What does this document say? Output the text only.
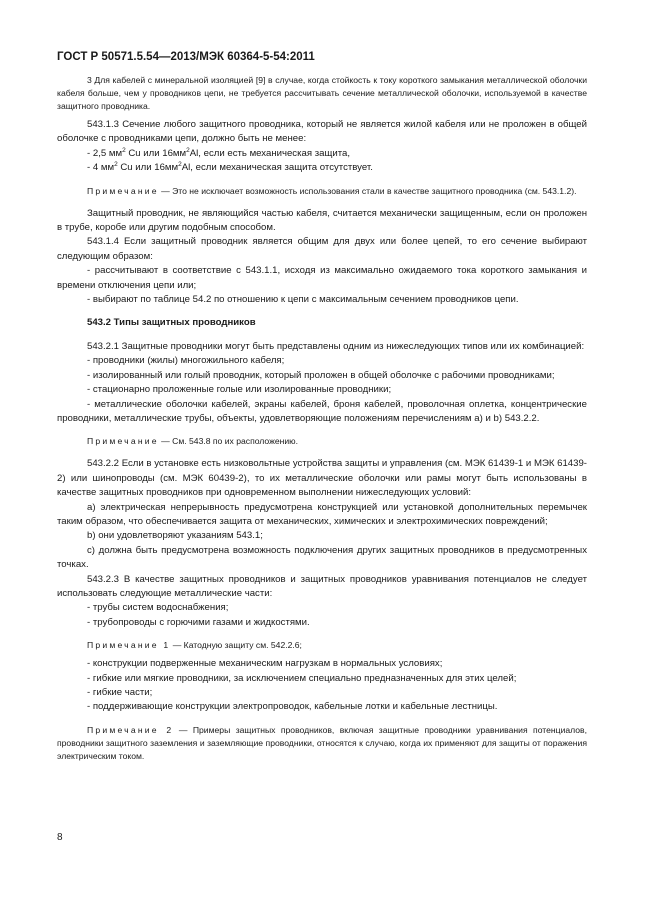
ГОСТ Р 50571.5.54—2013/МЭК 60364-5-54:2011

3 Для кабелей с минеральной изоляцией [9] в случае, когда стойкость к току короткого замыкания металлической оболочки кабеля больше, чем у проводников цепи, не требуется рассчитывать сечение металлической оболочки, используемой в качестве защитного проводника.

543.1.3 Сечение любого защитного проводника, который не является жилой кабеля или не проложен в общей оболочке с проводниками цепи, должно быть не менее:

- 2,5 $мм^2$ Cu или $16мм^2Al$, если есть механическая защита,

- 4 $мм^2$ Cu или $16мм^2Al$, если механическая защита отсутствует.

Примечание — Это не исключает возможность использования стали в качестве защитного проводника (см. 543.1.2).

Защитный проводник, не являющийся частью кабеля, считается механически защищенным, если он проложен в трубе, коробе или другим подобным способом.

543.1.4 Если защитный проводник является общим для двух или более цепей, то его сечение выбирают следующим образом:

- рассчитывают в соответствие с 543.1.1, исходя из максимально ожидаемого тока короткого замыкания и времени отключения цепи или;

- выбирают по таблице 54.2 по отношению к цепи с максимальным сечением проводников цепи.

543.2 Типы защитных проводников

543.2.1 Защитные проводники могут быть представлены одним из нижеследующих типов или их комбинацией:

- проводники (жилы) многожильного кабеля;

- изолированный или голый проводник, который проложен в общей оболочке с рабочими проводниками;

- стационарно проложенные голые или изолированные проводники;

- металлические оболочки кабелей, экраны кабелей, броня кабелей, проволочная оплетка, концентрические проводники, металлические трубы, объекты, удовлетворяющие положениям перечислениям a) и b) 543.2.2.

Примечание — См. 543.8 по их расположению.

543.2.2 Если в установке есть низковольтные устройства защиты и управления (см. МЭК 61439-1 и МЭК 61439-2) или шинопроводы (см. МЭК 60439-2), то их металлические оболочки или рамы могут быть использованы в качестве защитных проводников при одновременном выполнении нижеследующих условий:

a) электрическая непрерывность предусмотрена конструкцией или установкой дополнительных перемычек таким образом, что обеспечивается защита от механических, химических и электрохимических повреждений;

b) они удовлетворяют указаниям 543.1;

c) должна быть предусмотрена возможность подключения других защитных проводников в предусмотренных точках.

543.2.3 В качестве защитных проводников и защитных проводников уравнивания потенциалов не следует использовать следующие металлические части:

- трубы систем водоснабжения;

- трубопроводы с горючими газами и жидкостями.

Примечание 1 — Катодную защиту см. 542.2.6;

- конструкции подверженные механическим нагрузкам в нормальных условиях;

- гибкие или мягкие проводники, за исключением специально предназначенных для этих целей;

- гибкие части;

- поддерживающие конструкции электропроводок, кабельные лотки и кабельные лестницы.

Примечание 2 — Примеры защитных проводников, включая защитные проводники уравнивания потенциалов, проводники защитного заземления и заземляющие проводники, относятся к случаю, когда их применяют для защиты от поражения электрическим током.

8
